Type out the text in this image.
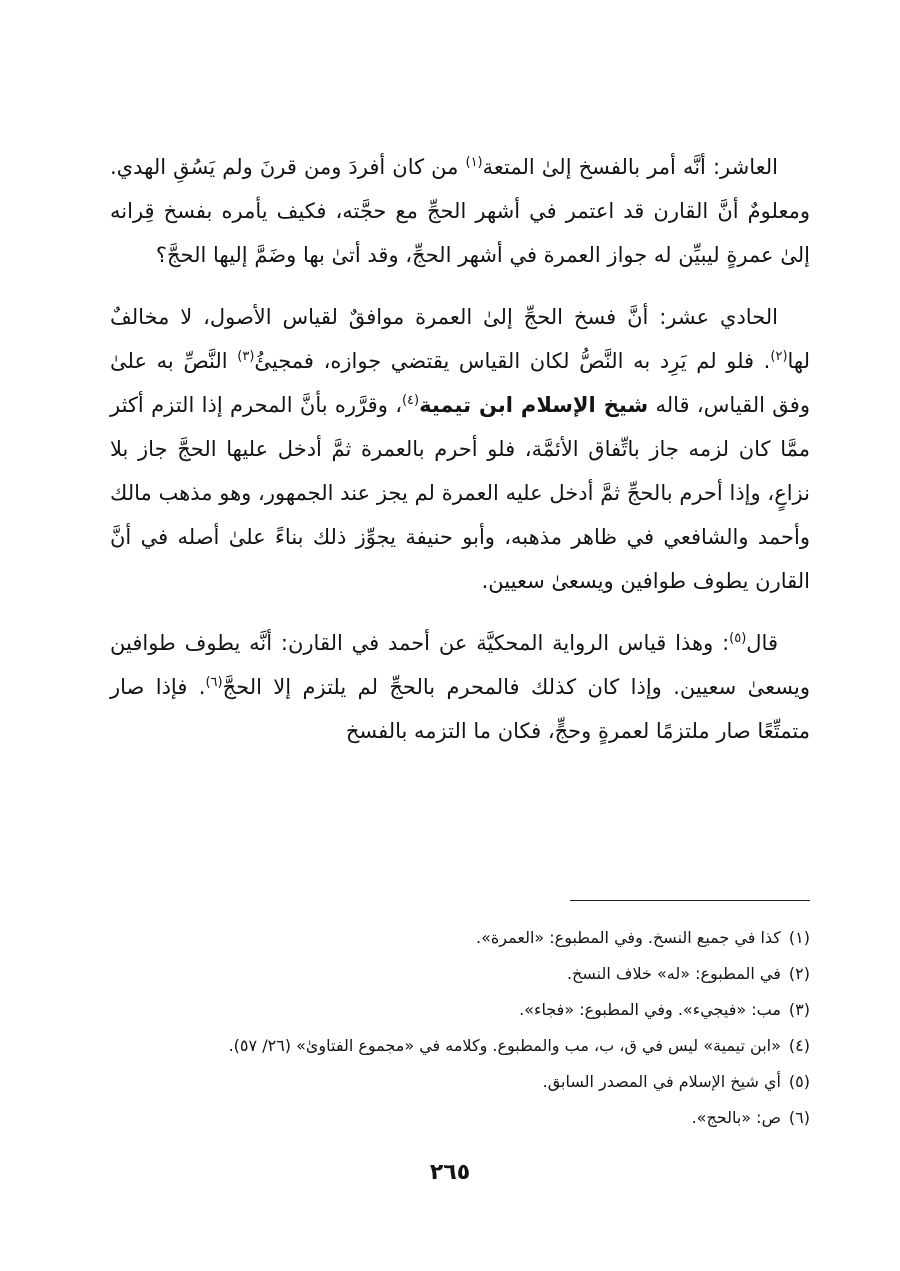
العاشر: أنَّه أمر بالفسخ إلىٰ المتعة$^{(١)}$ من كان أفردَ ومن قرنَ ولم يَسُقِ الهدي. ومعلومٌ أنَّ القارن قد اعتمر في أشهر الحجِّ مع حجَّته، فكيف يأمره بفسخ قِرانه إلىٰ عمرةٍ ليبيِّن له جواز العمرة في أشهر الحجِّ، وقد أتىٰ بها وضَمَّ إليها الحجَّ؟

الحادي عشر: أنَّ فسخ الحجِّ إلىٰ العمرة موافقٌ لقياس الأصول، لا مخالفٌ لها$^{(٢)}$. فلو لم يَرِد به النَّصُّ لكان القياس يقتضي جوازه، فمجيئُ$^{(٣)}$ النَّصِّ به علىٰ وفق القياس، قاله شيخ الإسلام ابن تيمية$^{(٤)}$، وقرَّره بأنَّ المحرم إذا التزم أكثر ممَّا كان لزمه جاز باتِّفاق الأئمَّة، فلو أحرم بالعمرة ثمَّ أدخل عليها الحجَّ جاز بلا نزاعٍ، وإذا أحرم بالحجِّ ثمَّ أدخل عليه العمرة لم يجز عند الجمهور، وهو مذهب مالك وأحمد والشافعي في ظاهر مذهبه، وأبو حنيفة يجوِّز ذلك بناءً علىٰ أصله في أنَّ القارن يطوف طوافين ويسعىٰ سعيين.

قال$^{(٥)}$: وهذا قياس الرواية المحكيَّة عن أحمد في القارن: أنَّه يطوف طوافين ويسعىٰ سعيين. وإذا كان كذلك فالمحرم بالحجِّ لم يلتزم إلا الحجَّ$^{(٦)}$. فإذا صار متمتِّعًا صار ملتزمًا لعمرةٍ وحجٍّ، فكان ما التزمه بالفسخ

(١)كذا في جميع النسخ. وفي المطبوع: «العمرة».
(٢)في المطبوع: «له» خلاف النسخ.
(٣)مب: «فيجيء». وفي المطبوع: «فجاء».
(٤)«ابن تيمية» ليس في ق، ب، مب والمطبوع. وكلامه في «مجموع الفتاوىٰ» (٢٦/ ٥٧).
(٥)أي شيخ الإسلام في المصدر السابق.
(٦)ص: «بالحج».
٢٦٥
